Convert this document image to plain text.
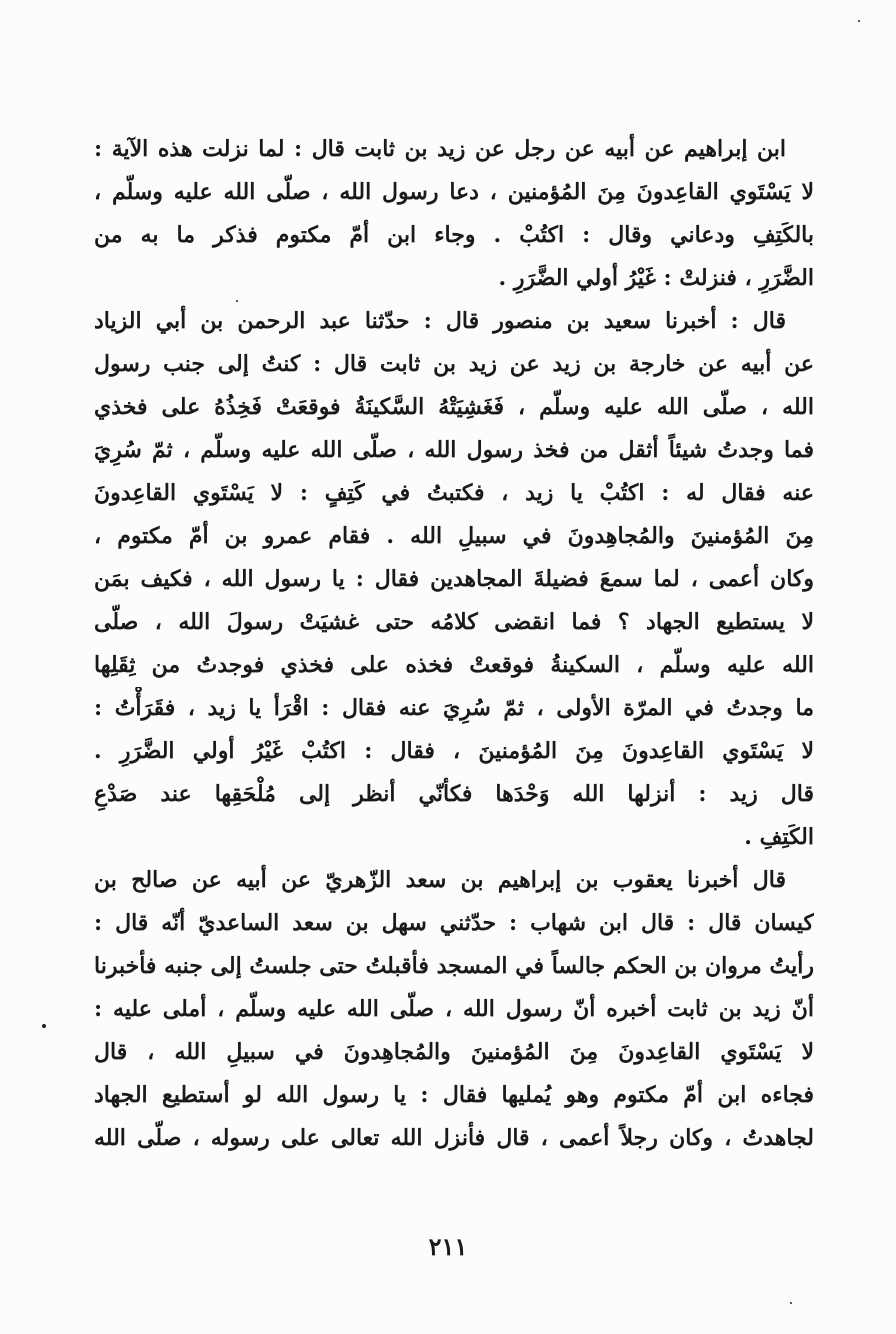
ابن إبراهيم عن أبيه عن رجل عن زيد بن ثابت قال : لما نزلت هذه الآية :
لا يَسْتَوي القاعِدونَ مِنَ المُؤمنين ، دعا رسول الله ، صلّى الله عليه وسلّم ،
بالكَتِفِ ودعاني وقال : اكتُبْ . وجاء ابن أمّ مكتوم فذكر ما به من
الضَّرَرِ ، فنزلتْ : غَيْرُ أولي الضَّرَرِ .
قال : أخبرنا سعيد بن منصور قال : حدّثنا عبد الرحمن بن أبي الزياد
عن أبيه عن خارجة بن زيد عن زيد بن ثابت قال : كنتُ إلى جنب رسول
الله ، صلّى الله عليه وسلّم ، فَغَشِيَتْهُ السَّكينَةُ فوقعَتْ فَخِذُهُ على فخذي
فما وجدتُ شيئاً أثقل من فخذ رسول الله ، صلّى الله عليه وسلّم ، ثمّ سُرِيَ
عنه فقال له : اكتُبْ يا زيد ، فكتبتُ في كَتِفٍ : لا يَسْتَوي القاعِدونَ
مِنَ المُؤمنينَ والمُجاهِدونَ في سبيلِ الله . فقام عمرو بن أمّ مكتوم ،
وكان أعمى ، لما سمعَ فضيلةَ المجاهدين فقال : يا رسول الله ، فكيف بمَن
لا يستطيع الجهاد ؟ فما انقضى كلامُه حتى غشيَتْ رسولَ الله ، صلّى
الله عليه وسلّم ، السكينةُ فوقعتْ فخذه على فخذي فوجدتُ من ثِقَلِها
ما وجدتُ في المرّة الأولى ، ثمّ سُرِيَ عنه فقال : اقْرَأ يا زيد ، فقَرَأْتُ :
لا يَسْتَوي القاعِدونَ مِنَ المُؤمنينَ ، فقال : اكتُبْ غَيْرُ أولي الضَّرَرِ .
قال زيد : أنزلها الله وَحْدَها فكأنّي أنظر إلى مُلْحَقِها عند صَدْعِ
الكَتِفِ .
قال أخبرنا يعقوب بن إبراهيم بن سعد الزّهريّ عن أبيه عن صالح بن
كيسان قال : قال ابن شهاب : حدّثني سهل بن سعد الساعديّ أنّه قال :
رأيتُ مروان بن الحكم جالساً في المسجد فأقبلتُ حتى جلستُ إلى جنبه فأخبرنا
أنّ زيد بن ثابت أخبره أنّ رسول الله ، صلّى الله عليه وسلّم ، أملى عليه :
لا يَسْتَوي القاعِدونَ مِنَ المُؤمنينَ والمُجاهِدونَ في سبيلِ الله ، قال
فجاءه ابن أمّ مكتوم وهو يُمليها فقال : يا رسول الله لو أستطيع الجهاد
لجاهدتُ ، وكان رجلاً أعمى ، قال فأنزل الله تعالى على رسوله ، صلّى الله
٢١١
